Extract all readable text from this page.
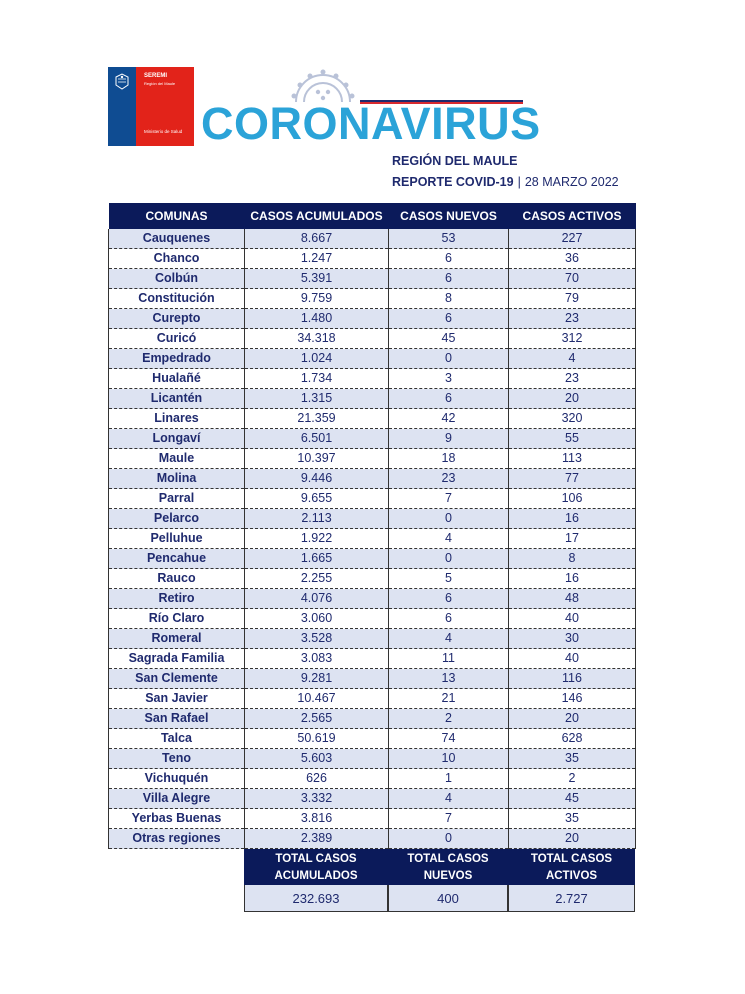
SEREMI
Región del Maule
Ministerio de Salud CORONAVIRUS
REGIÓN DEL MAULE
REPORTE COVID-19 | 28 MARZO 2022
COMUNAS	CASOS ACUMULADOS	CASOS NUEVOS	CASOS ACTIVOS
Cauquenes	8.667	53	227
Chanco	1.247	6	36
Colbún	5.391	6	70
Constitución	9.759	8	79
Curepto	1.480	6	23
Curicó	34.318	45	312
Empedrado	1.024	0	4
Hualañé	1.734	3	23
Licantén	1.315	6	20
Linares	21.359	42	320
Longaví	6.501	9	55
Maule	10.397	18	113
Molina	9.446	23	77
Parral	9.655	7	106
Pelarco	2.113	0	16
Pelluhue	1.922	4	17
Pencahue	1.665	0	8
Rauco	2.255	5	16
Retiro	4.076	6	48
Río Claro	3.060	6	40
Romeral	3.528	4	30
Sagrada Familia	3.083	11	40
San Clemente	9.281	13	116
San Javier	10.467	21	146
San Rafael	2.565	2	20
Talca	50.619	74	628
Teno	5.603	10	35
Vichuquén	626	1	2
Villa Alegre	3.332	4	45
Yerbas Buenas	3.816	7	35
Otras regiones	2.389	0	20
TOTAL CASOS
ACUMULADOS
TOTAL CASOS
NUEVOS
TOTAL CASOS
ACTIVOS
232.693	400	2.727
